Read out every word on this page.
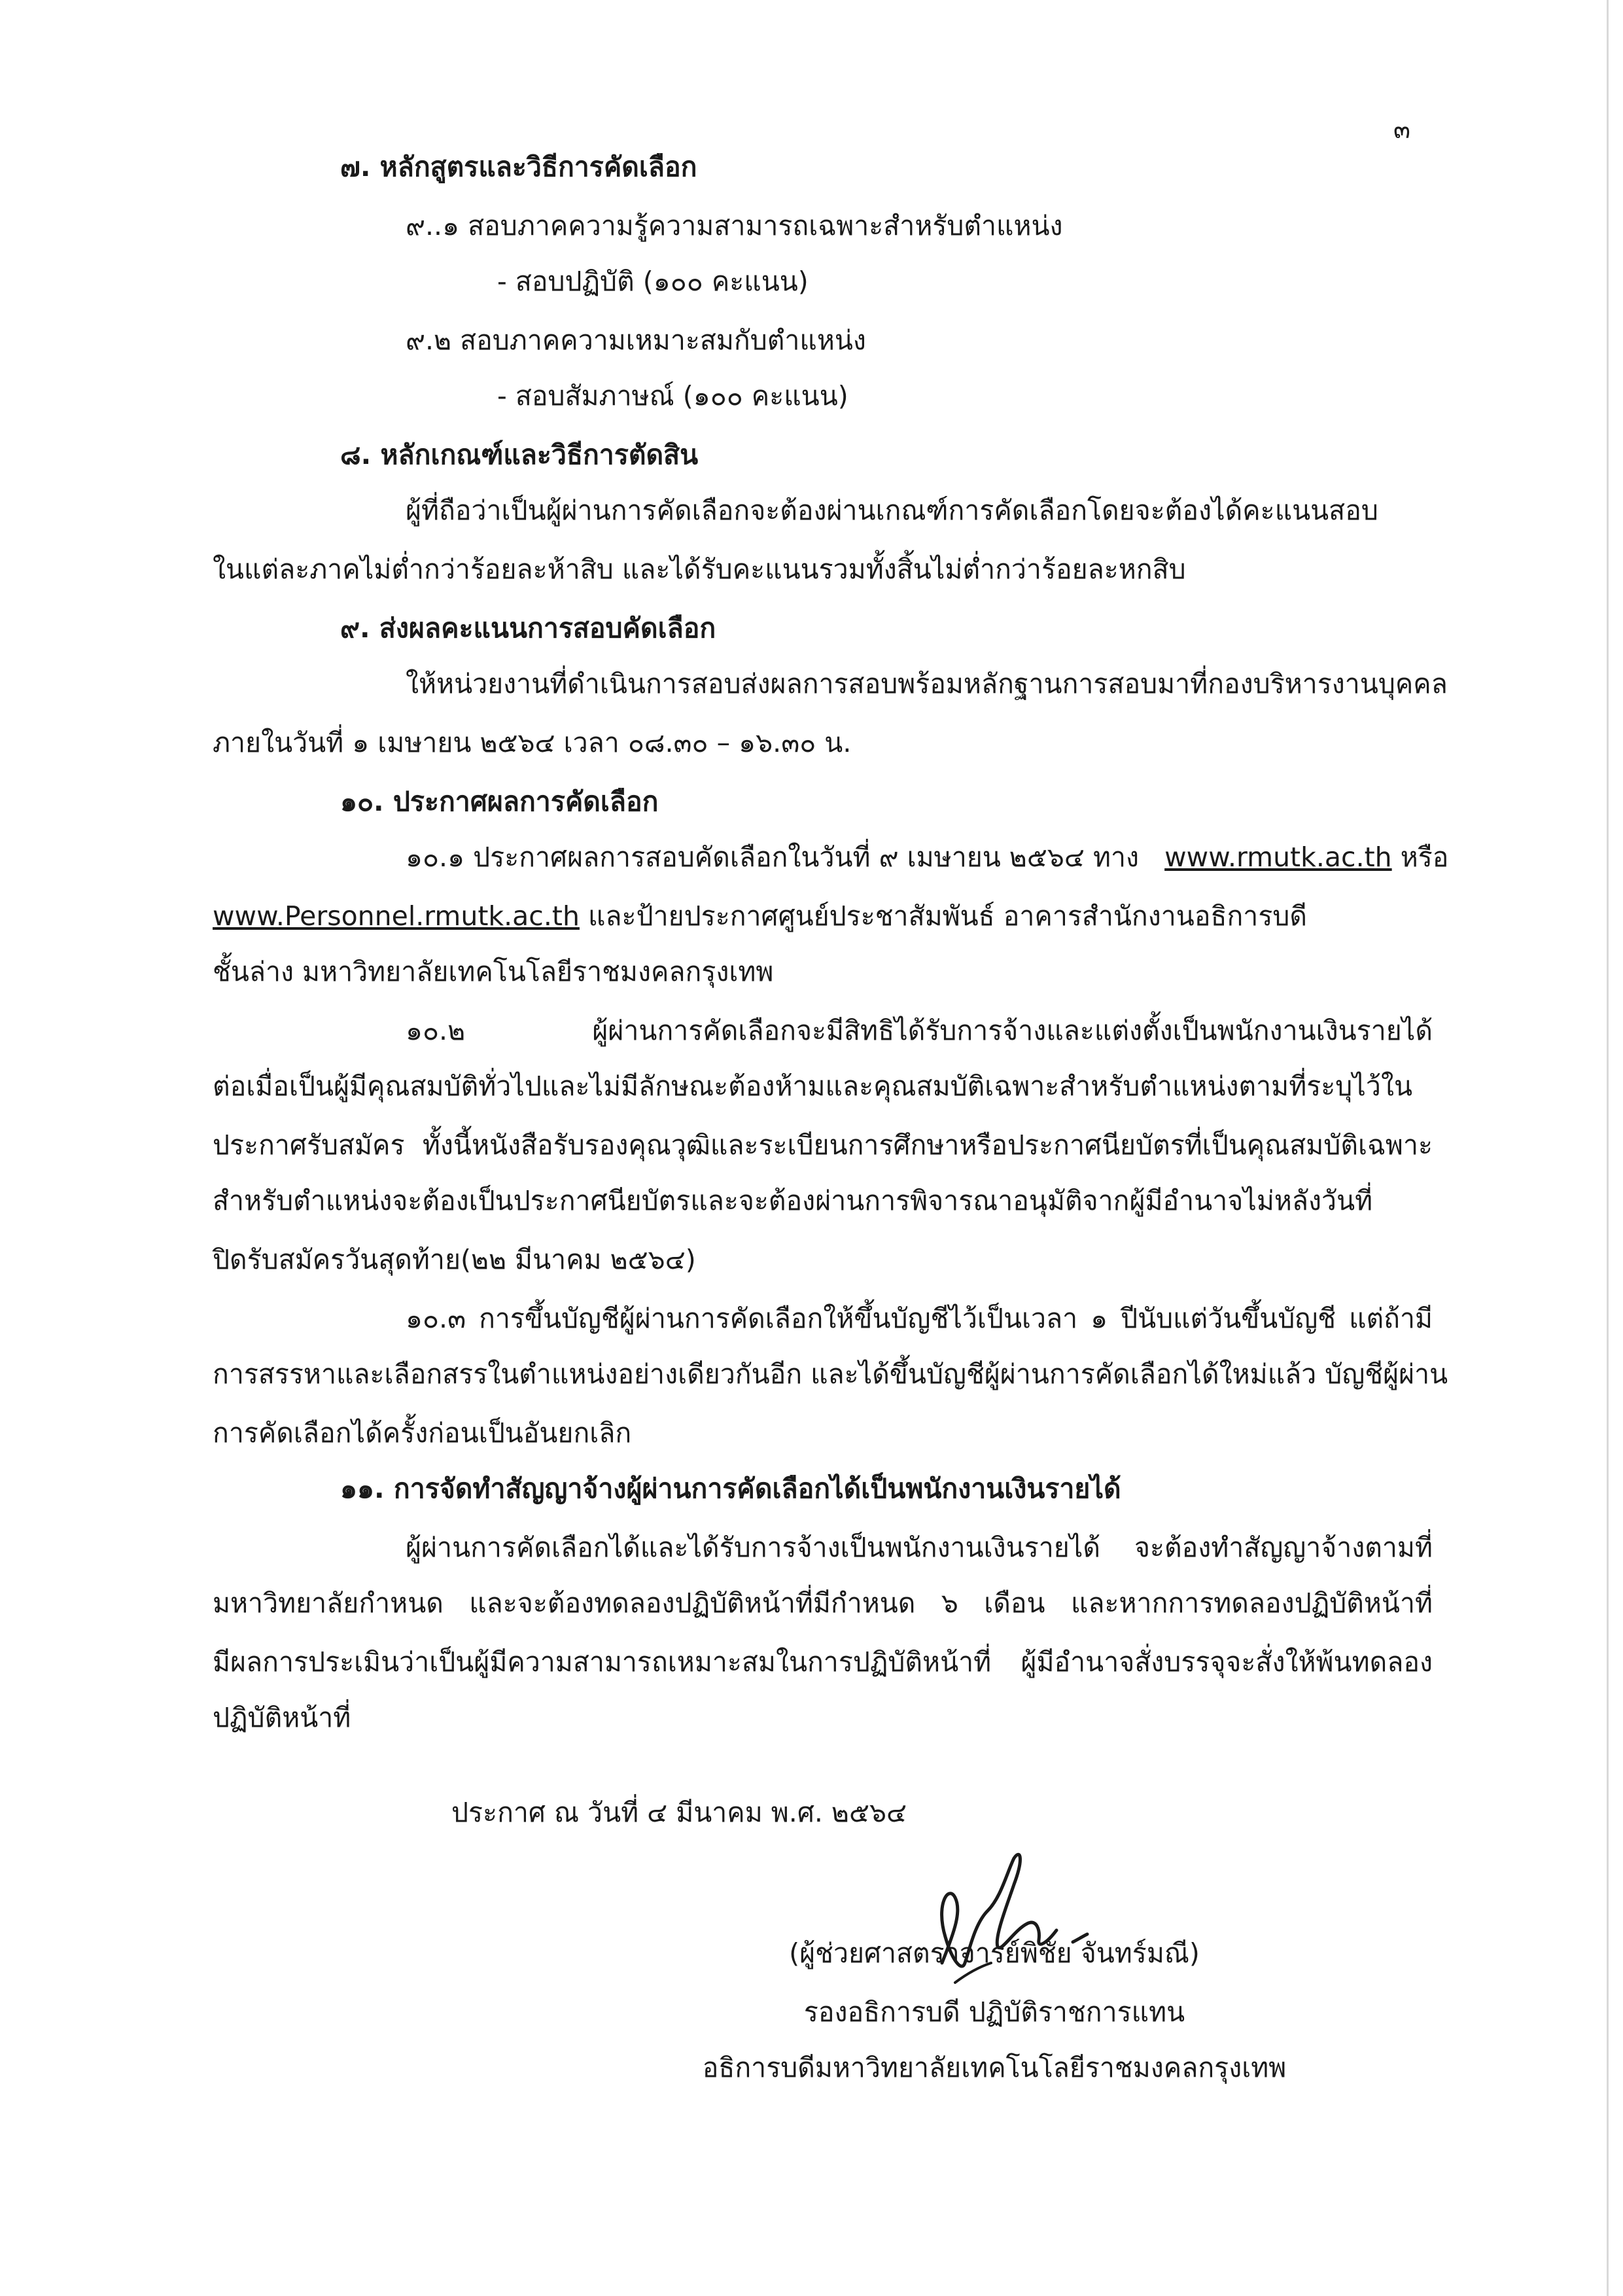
๓
๗. หลักสูตรและวิธีการคัดเลือก
๙..๑ สอบภาคความรู้ความสามารถเฉพาะสำหรับตำแหน่ง
- สอบปฏิบัติ (๑๐๐ คะแนน)
๙.๒ สอบภาคความเหมาะสมกับตำแหน่ง
- สอบสัมภาษณ์ (๑๐๐ คะแนน)
๘. หลักเกณฑ์และวิธีการตัดสิน
ผู้ที่ถือว่าเป็นผู้ผ่านการคัดเลือกจะต้องผ่านเกณฑ์การคัดเลือกโดยจะต้องได้คะแนนสอบ
ในแต่ละภาคไม่ต่ำกว่าร้อยละห้าสิบ และได้รับคะแนนรวมทั้งสิ้นไม่ต่ำกว่าร้อยละหกสิบ
๙. ส่งผลคะแนนการสอบคัดเลือก
ให้หน่วยงานที่ดำเนินการสอบส่งผลการสอบพร้อมหลักฐานการสอบมาที่กองบริหารงานบุคคล
ภายในวันที่ ๑ เมษายน ๒๕๖๔ เวลา ๐๘.๓๐ – ๑๖.๓๐ น.
๑๐. ประกาศผลการคัดเลือก
๑๐.๑ ประกาศผลการสอบคัดเลือกในวันที่ ๙ เมษายน ๒๕๖๔ ทาง www.rmutk.ac.th หรือ
www.Personnel.rmutk.ac.th และป้ายประกาศศูนย์ประชาสัมพันธ์ อาคารสำนักงานอธิการบดี
ชั้นล่าง มหาวิทยาลัยเทคโนโลยีราชมงคลกรุงเทพ
๑๐.๒ ผู้ผ่านการคัดเลือกจะมีสิทธิได้รับการจ้างและแต่งตั้งเป็นพนักงานเงินรายได้
ต่อเมื่อเป็นผู้มีคุณสมบัติทั่วไปและไม่มีลักษณะต้องห้ามและคุณสมบัติเฉพาะสำหรับตำแหน่งตามที่ระบุไว้ใน
ประกาศรับสมัคร ทั้งนี้หนังสือรับรองคุณวุฒิและระเบียนการศึกษาหรือประกาศนียบัตรที่เป็นคุณสมบัติเฉพาะ
สำหรับตำแหน่งจะต้องเป็นประกาศนียบัตรและจะต้องผ่านการพิจารณาอนุมัติจากผู้มีอำนาจไม่หลังวันที่
ปิดรับสมัครวันสุดท้าย(๒๒ มีนาคม ๒๕๖๔)
๑๐.๓ การขึ้นบัญชีผู้ผ่านการคัดเลือกให้ขึ้นบัญชีไว้เป็นเวลา ๑ ปีนับแต่วันขึ้นบัญชี แต่ถ้ามี
การสรรหาและเลือกสรรในตำแหน่งอย่างเดียวกันอีก และได้ขึ้นบัญชีผู้ผ่านการคัดเลือกได้ใหม่แล้ว บัญชีผู้ผ่าน
การคัดเลือกได้ครั้งก่อนเป็นอันยกเลิก
๑๑. การจัดทำสัญญาจ้างผู้ผ่านการคัดเลือกได้เป็นพนักงานเงินรายได้
ผู้ผ่านการคัดเลือกได้และได้รับการจ้างเป็นพนักงานเงินรายได้ จะต้องทำสัญญาจ้างตามที่
มหาวิทยาลัยกำหนด และจะต้องทดลองปฏิบัติหน้าที่มีกำหนด ๖ เดือน และหากการทดลองปฏิบัติหน้าที่
มีผลการประเมินว่าเป็นผู้มีความสามารถเหมาะสมในการปฏิบัติหน้าที่ ผู้มีอำนาจสั่งบรรจุจะสั่งให้พ้นทดลอง
ปฏิบัติหน้าที่
ประกาศ ณ วันที่ ๔ มีนาคม พ.ศ. ๒๕๖๔
(ผู้ช่วยศาสตราจารย์พิชัย จันทร์มณี)
รองอธิการบดี ปฏิบัติราชการแทน
อธิการบดีมหาวิทยาลัยเทคโนโลยีราชมงคลกรุงเทพ
